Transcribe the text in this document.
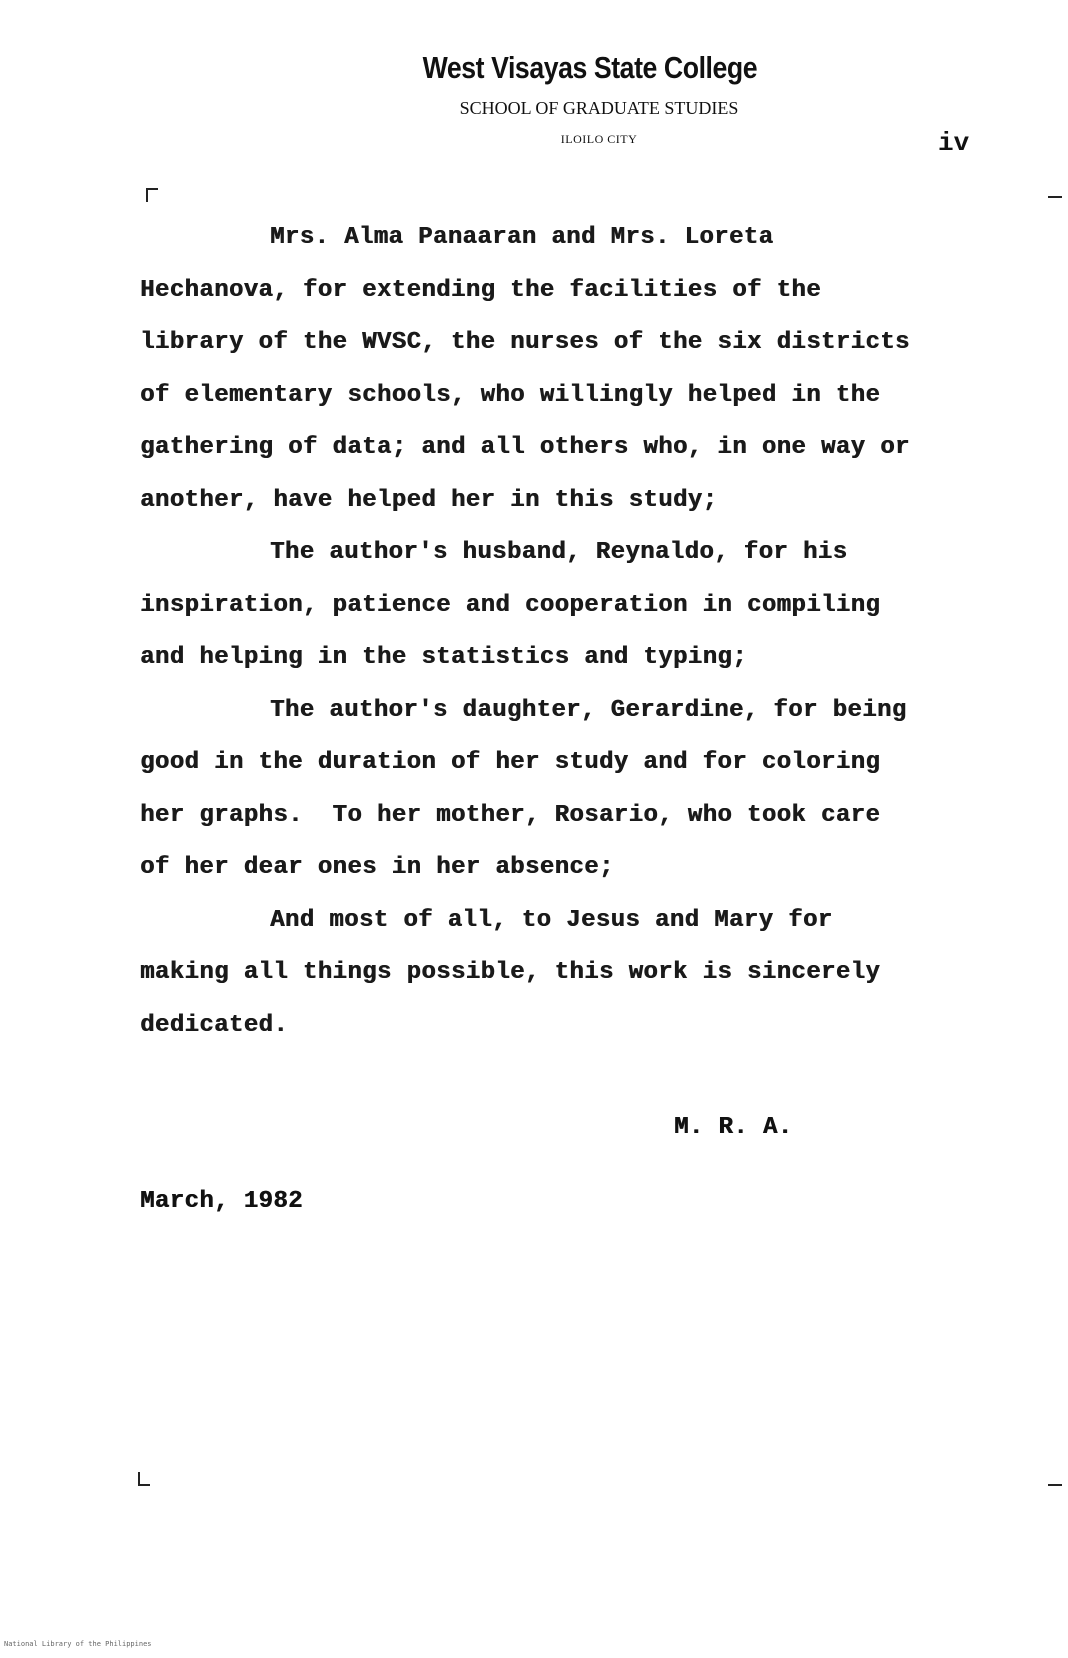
West Visayas State College
SCHOOL OF GRADUATE STUDIES
ILOILO CITY	iv
Mrs. Alma Panaaran and Mrs. Loreta
Hechanova, for extending the facilities of the
library of the WVSC, the nurses of the six districts
of elementary schools, who willingly helped in the
gathering of data; and all others who, in one way or
another, have helped her in this study;
The author's husband, Reynaldo, for his
inspiration, patience and cooperation in compiling
and helping in the statistics and typing;
The author's daughter, Gerardine, for being
good in the duration of her study and for coloring
her graphs.  To her mother, Rosario, who took care
of her dear ones in her absence;
And most of all, to Jesus and Mary for
making all things possible, this work is sincerely
dedicated.
M. R. A.
March, 1982
National Library of the Philippines
